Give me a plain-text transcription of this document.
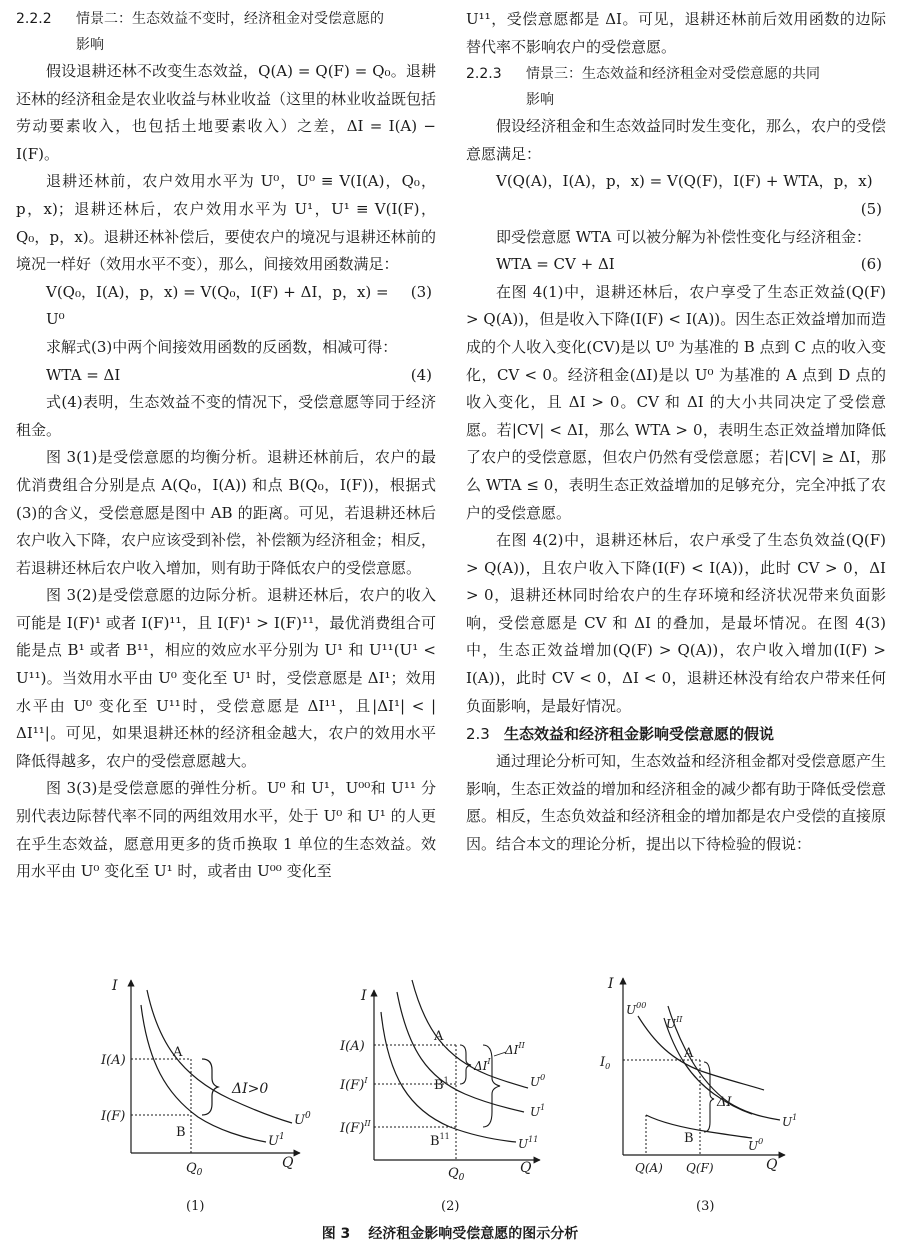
2.2.2 情景二：生态效益不变时，经济租金对受偿意愿的
影响

假设退耕还林不改变生态效益，Q(A) = Q(F) = Q₀。退耕还林的经济租金是农业收益与林业收益（这里的林业收益既包括劳动要素收入，也包括土地要素收入）之差，ΔI = I(A) − I(F)。

退耕还林前，农户效用水平为 U⁰，U⁰ ≡ V(I(A)，Q₀，p，x)；退耕还林后，农户效用水平为 U¹，U¹ ≡ V(I(F)，Q₀，p，x)。退耕还林补偿后，要使农户的境况与退耕还林前的境况一样好（效用水平不变），那么，间接效用函数满足：

V(Q₀，I(A)，p，x) = V(Q₀，I(F) + ΔI，p，x) = U⁰
(3)

求解式(3)中两个间接效用函数的反函数，相减可得：

WTA = ΔI	(4)

式(4)表明，生态效益不变的情况下，受偿意愿等同于经济租金。

图 3(1)是受偿意愿的均衡分析。退耕还林前后，农户的最优消费组合分别是点 A(Q₀，I(A)) 和点 B(Q₀，I(F))，根据式(3)的含义，受偿意愿是图中 AB 的距离。可见，若退耕还林后农户收入下降，农户应该受到补偿，补偿额为经济租金；相反，若退耕还林后农户收入增加，则有助于降低农户的受偿意愿。

图 3(2)是受偿意愿的边际分析。退耕还林后，农户的收入可能是 I(F)¹ 或者 I(F)¹¹，且 I(F)¹ > I(F)¹¹，最优消费组合可能是点 B¹ 或者 B¹¹，相应的效应水平分别为 U¹ 和 U¹¹(U¹ < U¹¹)。当效用水平由 U⁰ 变化至 U¹ 时，受偿意愿是 ΔI¹；效用水平由 U⁰ 变化至 U¹¹时，受偿意愿是 ΔI¹¹，且|ΔI¹| < |ΔI¹¹|。可见，如果退耕还林的经济租金越大，农户的效用水平降低得越多，农户的受偿意愿越大。

图 3(3)是受偿意愿的弹性分析。U⁰ 和 U¹，U⁰⁰和 U¹¹ 分别代表边际替代率不同的两组效用水平，处于 U⁰ 和 U¹ 的人更在乎生态效益，愿意用更多的货币换取 1 单位的生态效益。效用水平由 U⁰ 变化至 U¹ 时，或者由 U⁰⁰ 变化至

U¹¹，受偿意愿都是 ΔI。可见，退耕还林前后效用函数的边际替代率不影响农户的受偿意愿。

2.2.3 情景三：生态效益和经济租金对受偿意愿的共同
影响

假设经济租金和生态效益同时发生变化，那么，农户的受偿意愿满足：

V(Q(A)，I(A)，p，x) = V(Q(F)，I(F) + WTA，p，x)
(5)

即受偿意愿 WTA 可以被分解为补偿性变化与经济租金：

WTA = CV + ΔI	(6)

在图 4(1)中，退耕还林后，农户享受了生态正效益(Q(F) > Q(A))，但是收入下降(I(F) < I(A))。因生态正效益增加而造成的个人收入变化(CV)是以 U⁰ 为基准的 B 点到 C 点的收入变化，CV < 0。经济租金(ΔI)是以 U⁰ 为基准的 A 点到 D 点的收入变化，且 ΔI > 0。CV 和 ΔI 的大小共同决定了受偿意愿。若|CV| < ΔI，那么 WTA > 0，表明生态正效益增加降低了农户的受偿意愿，但农户仍然有受偿意愿；若|CV| ≥ ΔI，那么 WTA ≤ 0，表明生态正效益增加的足够充分，完全冲抵了农户的受偿意愿。

在图 4(2)中，退耕还林后，农户承受了生态负效益(Q(F) > Q(A))，且农户收入下降(I(F) < I(A))，此时 CV > 0，ΔI > 0，退耕还林同时给农户的生存环境和经济状况带来负面影响，受偿意愿是 CV 和 ΔI 的叠加，是最坏情况。在图 4(3)中，生态正效益增加(Q(F) > Q(A))，农户收入增加(I(F) > I(A))，此时 CV < 0，ΔI < 0，退耕还林没有给农户带来任何负面影响，是最好情况。

2.3 生态效益和经济租金影响受偿意愿的假说

通过理论分析可知，生态效益和经济租金都对受偿意愿产生影响，生态正效益的增加和经济租金的减少都有助于降低受偿意愿。相反，生态负效益和经济租金的增加都是农户受偿的直接原因。结合本文的理论分析，提出以下待检验的假说：

I
Q
I(A)
I(F)
$Q_0$
$U^0$
$U^1$
A
B
ΔI>0
(1)
I
Q
I(A)
$I(F)^I$
$I(F)^{II}$
$Q_0$
$U^0$
$U^1$
$U^{11}$
A
$B^1$
$B^{11}$
$\Delta I^I$
$\Delta I^{II}$
(2)
I
Q
$I_0$
Q(A) Q(F)
$U^{00}$
$U^{II}$
$U^1$
$U^0$
A
B
ΔI
(3)
图 3 经济租金影响受偿意愿的图示分析
